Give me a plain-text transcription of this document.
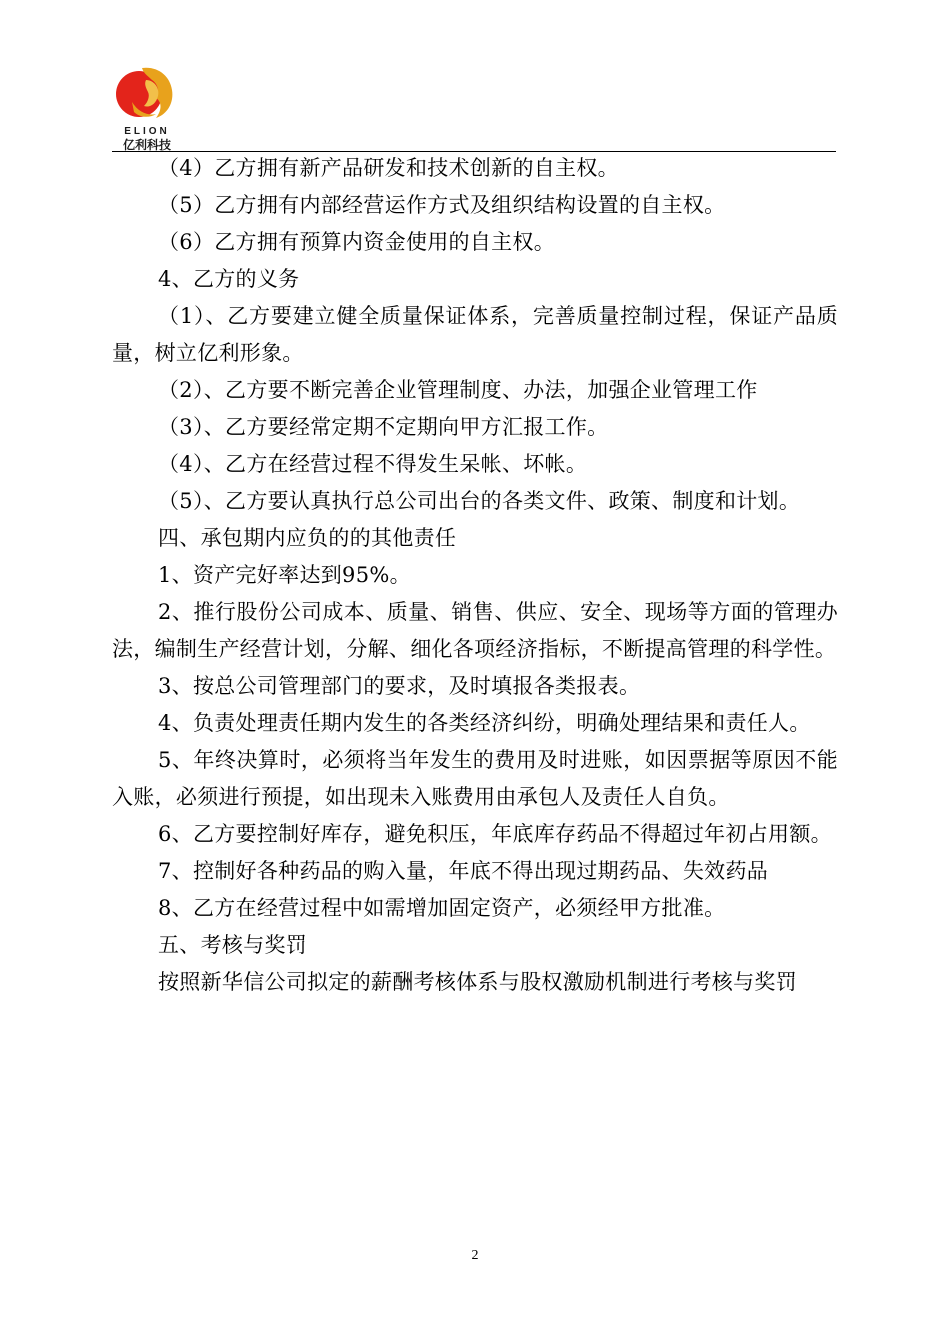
ELION
亿利科技

（4）乙方拥有新产品研发和技术创新的自主权。

（5）乙方拥有内部经营运作方式及组织结构设置的自主权。

（6）乙方拥有预算内资金使用的自主权。

4、乙方的义务

（1）、乙方要建立健全质量保证体系，完善质量控制过程，保证产品质量，树立亿利形象。

（2）、乙方要不断完善企业管理制度、办法，加强企业管理工作

（3）、乙方要经常定期不定期向甲方汇报工作。

（4）、乙方在经营过程不得发生呆帐、坏帐。

（5）、乙方要认真执行总公司出台的各类文件、政策、制度和计划。

四、承包期内应负的的其他责任

1、资产完好率达到95%。

2、推行股份公司成本、质量、销售、供应、安全、现场等方面的管理办法，编制生产经营计划，分解、细化各项经济指标，不断提高管理的科学性。

3、按总公司管理部门的要求，及时填报各类报表。

4、负责处理责任期内发生的各类经济纠纷，明确处理结果和责任人。

5、年终决算时，必须将当年发生的费用及时进账，如因票据等原因不能入账，必须进行预提，如出现未入账费用由承包人及责任人自负。

6、乙方要控制好库存，避免积压，年底库存药品不得超过年初占用额。

7、控制好各种药品的购入量，年底不得出现过期药品、失效药品

8、乙方在经营过程中如需增加固定资产，必须经甲方批准。

五、考核与奖罚

按照新华信公司拟定的薪酬考核体系与股权激励机制进行考核与奖罚

2
